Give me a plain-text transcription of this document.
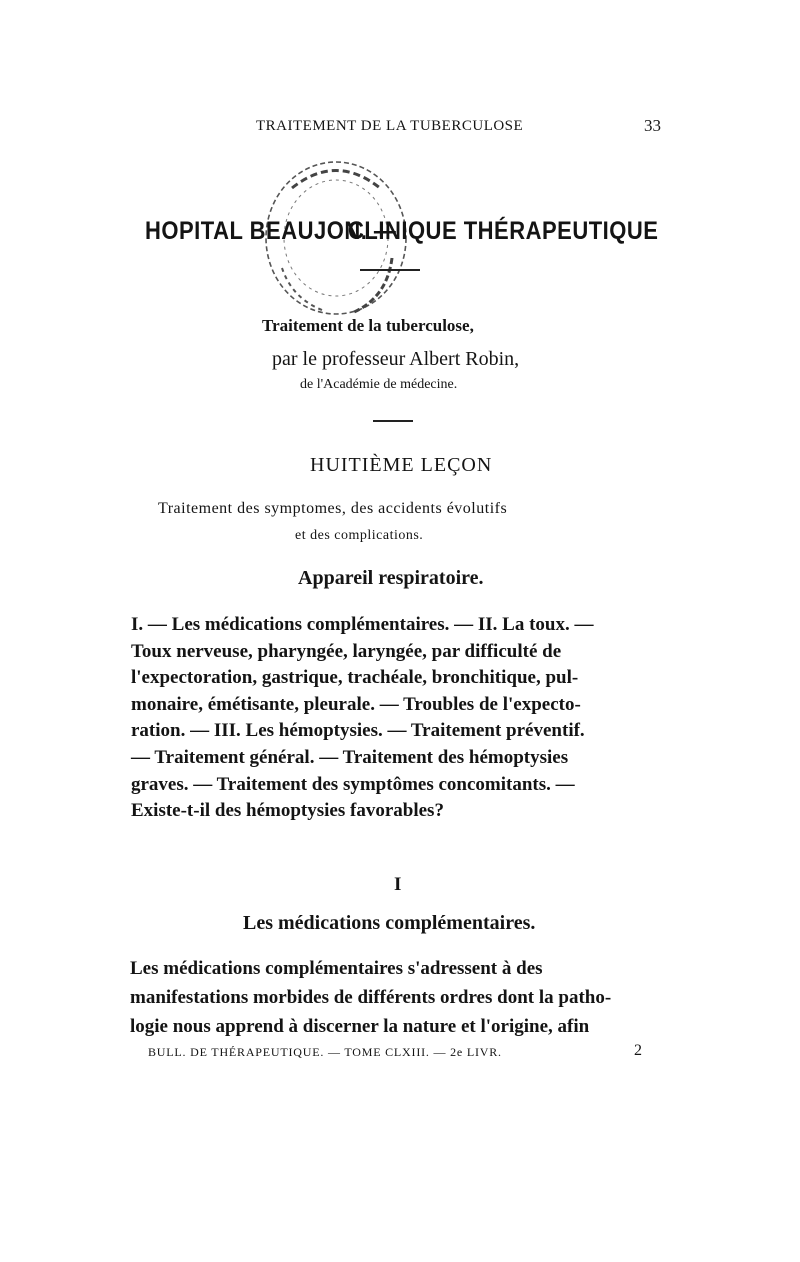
TRAITEMENT DE LA TUBERCULOSE	33
HOPITAL BEAUJON. —
CLINIQUE THÉRAPEUTIQUE
Traitement de la tuberculose,
par le professeur Albert Robin,
de l'Académie de médecine.
HUITIÈME LEÇON
Traitement des symptomes, des accidents évolutifs
et des complications.
Appareil respiratoire.
I. — Les médications complémentaires. — II. La toux. —
Toux nerveuse, pharyngée, laryngée, par difficulté de
l'expectoration, gastrique, trachéale, bronchitique, pul-
monaire, émétisante, pleurale. — Troubles de l'expecto-
ration. — III. Les hémoptysies. — Traitement préventif.
— Traitement général. — Traitement des hémoptysies
graves. — Traitement des symptômes concomitants. —
Existe-t-il des hémoptysies favorables?
I
Les médications complémentaires.
Les médications complémentaires s'adressent à des
manifestations morbides de différents ordres dont la patho-
logie nous apprend à discerner la nature et l'origine, afin
BULL. DE THÉRAPEUTIQUE. — TOME CLXIII. — 2e LIVR.	2
